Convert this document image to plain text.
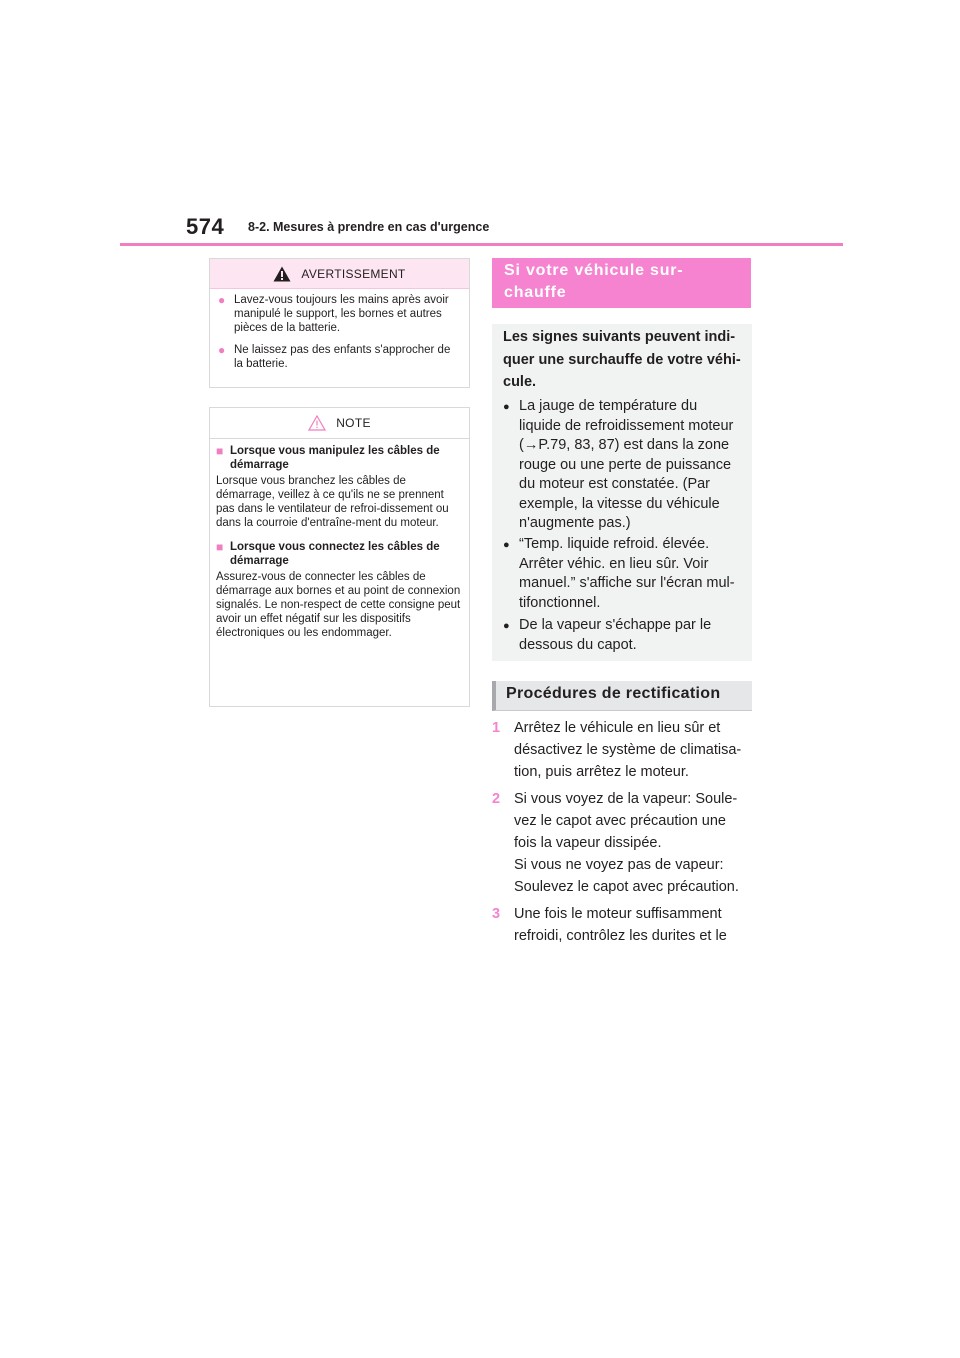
574 8-2. Mesures à prendre en cas d'urgence
AVERTISSEMENT
● Lavez-vous toujours les mains après avoir manipulé le support, les bornes et autres pièces de la batterie.
● Ne laissez pas des enfants s'approcher de la batterie.
NOTE
■ Lorsque vous manipulez les câbles de démarrage
Lorsque vous branchez les câbles de démarrage, veillez à ce qu'ils ne se prennent pas dans le ventilateur de refroi-dissement ou dans la courroie d'entraîne-ment du moteur.
■ Lorsque vous connectez les câbles de démarrage
Assurez-vous de connecter les câbles de démarrage aux bornes et au point de connexion signalés. Le non-respect de cette consigne peut avoir un effet négatif sur les dispositifs électroniques ou les endommager.
Si votre véhicule sur-chauffe
Les signes suivants peuvent indi-quer une surchauffe de votre véhi-cule.
● La jauge de température du liquide de refroidissement moteur (→P.79, 83, 87) est dans la zone rouge ou une perte de puissance du moteur est constatée. (Par exemple, la vitesse du véhicule n'augmente pas.)
● “Temp. liquide refroid. élevée. Arrêter véhic. en lieu sûr. Voir manuel.” s'affiche sur l'écran mul-tifonctionnel.
● De la vapeur s'échappe par le dessous du capot.
Procédures de rectification
1 Arrêtez le véhicule en lieu sûr et désactivez le système de climatisa-tion, puis arrêtez le moteur.
2 Si vous voyez de la vapeur: Soule-vez le capot avec précaution une fois la vapeur dissipée.
Si vous ne voyez pas de vapeur: Soulevez le capot avec précaution.
3 Une fois le moteur suffisamment refroidi, contrôlez les durites et le
